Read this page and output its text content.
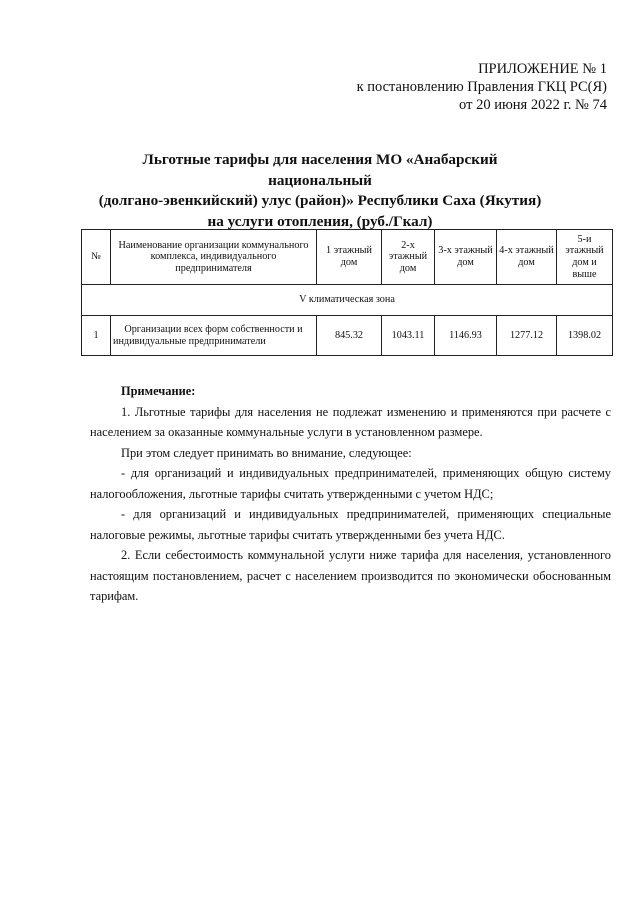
ПРИЛОЖЕНИЕ № 1
к постановлению Правления ГКЦ РС(Я)
от 20 июня 2022 г. № 74
Льготные тарифы для населения МО «Анабарский национальный
(долгано-эвенкийский) улус (район)» Республики Саха (Якутия)
на услуги отопления, (руб./Гкал)
№	Наименование организации коммунального комплекса, индивидуального предпринимателя	1 этажный дом	2-х этажный дом	3-х этажный дом	4-х этажный дом	5-и этажный дом и выше
V климатическая зона						
1	Организации всех форм собственности и индивидуальные предприниматели	845.32	1043.11	1146.93	1277.12	1398.02

Примечание:

1. Льготные тарифы для населения не подлежат изменению и применяются при расчете с населением за оказанные коммунальные услуги в установленном размере.

При этом следует принимать во внимание, следующее:

- для организаций и индивидуальных предпринимателей, применяющих общую систему налогообложения, льготные тарифы считать утвержденными с учетом НДС;

- для организаций и индивидуальных предпринимателей, применяющих специальные налоговые режимы, льготные тарифы считать утвержденными без учета НДС.

2. Если себестоимость коммунальной услуги ниже тарифа для населения, установленного настоящим постановлением, расчет с населением производится по экономически обоснованным тарифам.
